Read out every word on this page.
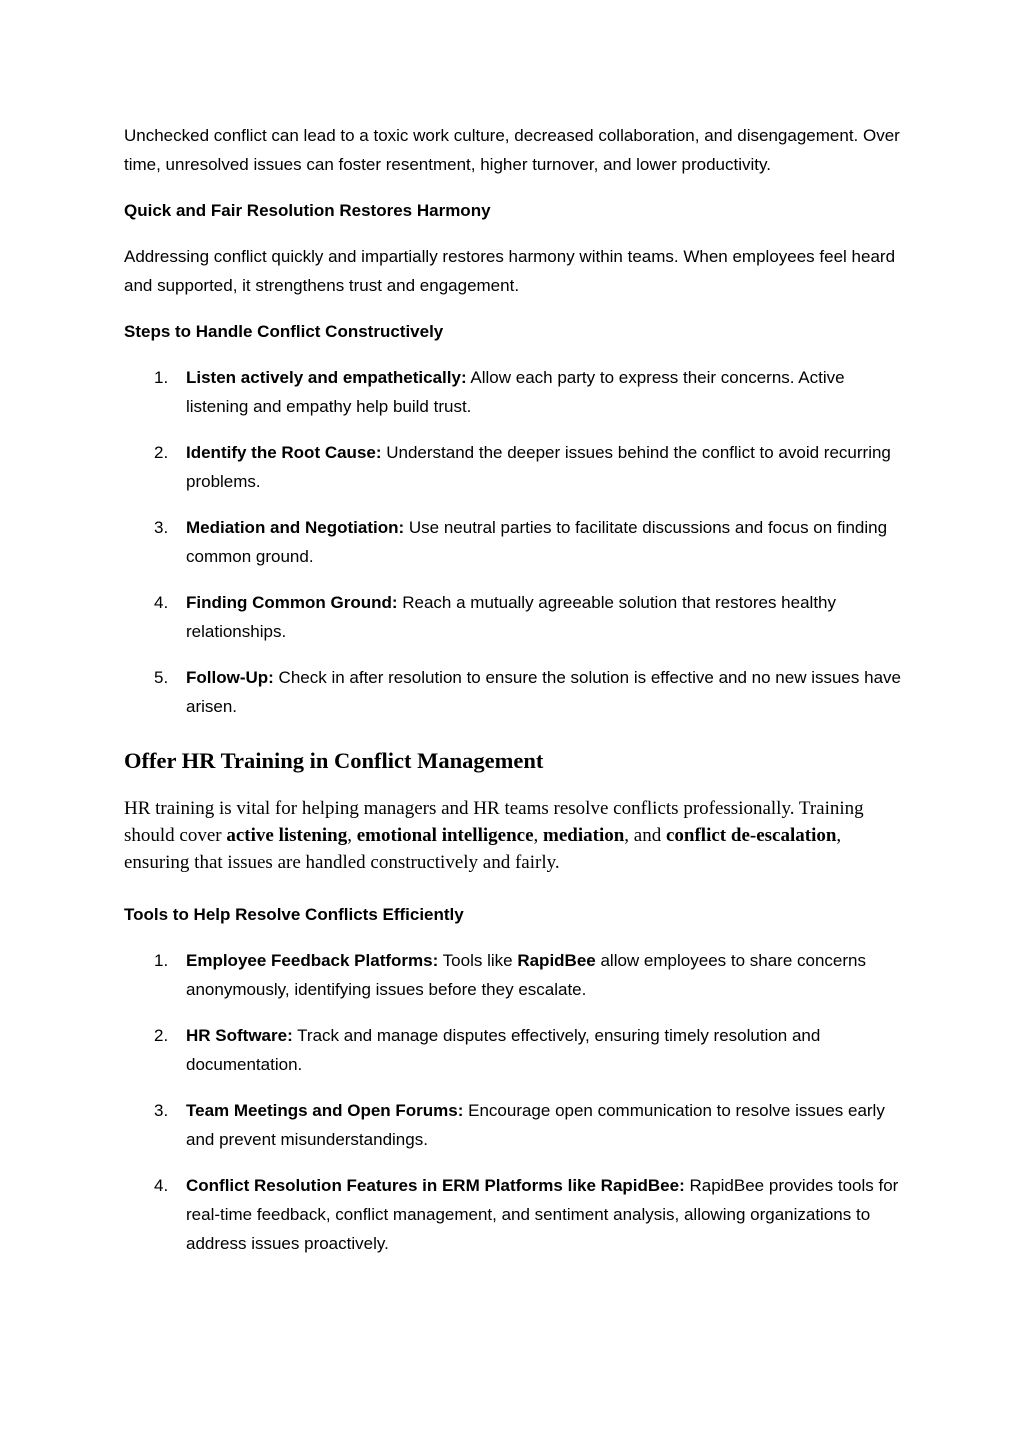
Unchecked conflict can lead to a toxic work culture, decreased collaboration, and disengagement. Over time, unresolved issues can foster resentment, higher turnover, and lower productivity.

Quick and Fair Resolution Restores Harmony

Addressing conflict quickly and impartially restores harmony within teams. When employees feel heard and supported, it strengthens trust and engagement.

Steps to Handle Conflict Constructively

1. Listen actively and empathetically: Allow each party to express their concerns. Active listening and empathy help build trust.
2. Identify the Root Cause: Understand the deeper issues behind the conflict to avoid recurring problems.
3. Mediation and Negotiation: Use neutral parties to facilitate discussions and focus on finding common ground.
4. Finding Common Ground: Reach a mutually agreeable solution that restores healthy relationships.
5. Follow-Up: Check in after resolution to ensure the solution is effective and no new issues have arisen.
Offer HR Training in Conflict Management

HR training is vital for helping managers and HR teams resolve conflicts professionally. Training should cover active listening, emotional intelligence, mediation, and conflict de-escalation, ensuring that issues are handled constructively and fairly.

Tools to Help Resolve Conflicts Efficiently

1. Employee Feedback Platforms: Tools like RapidBee allow employees to share concerns anonymously, identifying issues before they escalate.
2. HR Software: Track and manage disputes effectively, ensuring timely resolution and documentation.
3. Team Meetings and Open Forums: Encourage open communication to resolve issues early and prevent misunderstandings.
4. Conflict Resolution Features in ERM Platforms like RapidBee: RapidBee provides tools for real-time feedback, conflict management, and sentiment analysis, allowing organizations to address issues proactively.
